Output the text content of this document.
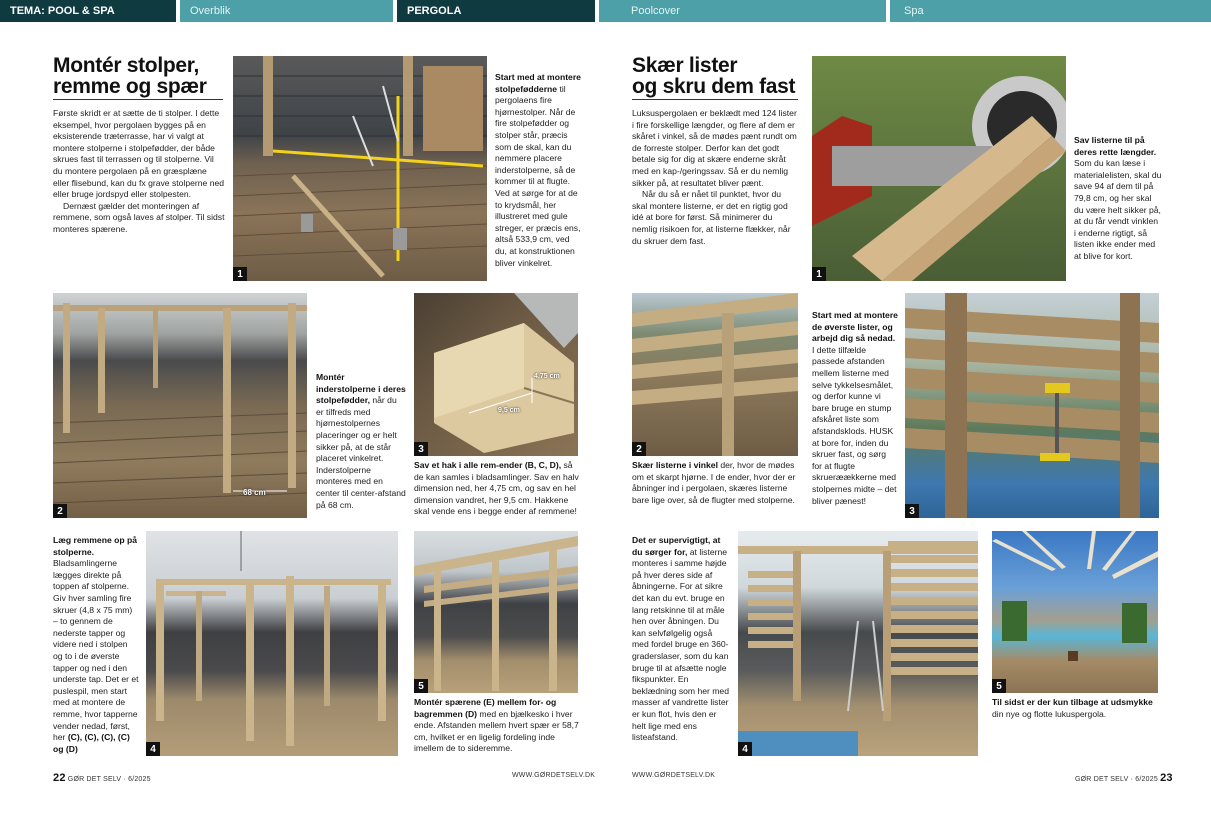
TEMA: POOL & SPA	Overblik	PERGOLA	Poolcover	Spa
Montér stolper,
remme og spær

Første skridt er at sætte de ti stolper. I dette eksempel, hvor pergolaen bygges på en eksisterende træterrasse, har vi valgt at montere stolperne i stolpefødder, der både skrues fast til terrassen og til stolperne. Vil du montere pergolaen på en græsplæne eller flisebund, kan du fx grave stolperne ned eller bruge jordspyd eller stolpesten.

Dernæst gælder det monteringen af remmene, som også laves af stolper. Til sidst monteres spærene.

1
Start med at montere stolpefødderne til pergolaens fire hjørnestolper. Når de fire stolpefødder og stolper står, præcis som de skal, kan du nemmere placere inderstolperne, så de kommer til at flugte. Ved at sørge for at de to krydsmål, her illustreret med gule streger, er præcis ens, altså 533,9 cm, ved du, at konstruktionen bliver vinkelret.
68 cm
2
Montér inderstolperne i deres stolpefødder, når du er tilfreds med hjørnestolpernes placeringer og er helt sikker på, at de står placeret vinkelret. Inderstolperne monteres med en center til center-afstand på 68 cm.
4,75 cm
9,5 cm
3
Sav et hak i alle rem-ender (B, C, D), så de kan samles i bladsamlinger. Sav en halv dimension ned, her 4,75 cm, og sav en hel dimension vandret, her 9,5 cm. Hakkene skal vende ens i begge ender af remmene!
Læg remmene op på stolperne. Bladsamlingerne lægges direkte på toppen af stolperne. Giv hver samling fire skruer (4,8 x 75 mm) – to gennem de nederste tapper og videre ned i stolpen og to i de øverste tapper og ned i den underste tap. Det er et puslespil, men start med at montere de remme, hvor tapperne vender nedad, først, her (C), (C), (C), (C) og (D)	4
5
Montér spærene (E) mellem for- og bagremmen (D) med en bjælkesko i hver ende. Afstanden mellem hvert spær er 58,7 cm, hvilket er en ligelig fordeling inde imellem de to sideremme.
22 GØR DET SELV · 6/2025
WWW.GØRDETSELV.DK
Skær lister
og skru dem fast

Luksuspergolaen er beklædt med 124 lister i fire forskellige længder, og flere af dem er skåret i vinkel, så de mødes pænt rundt om de forreste stolper. Derfor kan det godt betale sig for dig at skære enderne skråt med en kap-/geringssav. Så er du nemlig sikker på, at resultatet bliver pænt.

Når du så er nået til punktet, hvor du skal montere listerne, er det en rigtig god idé at bore for først. Så minimerer du nemlig risikoen for, at listerne flækker, når du skruer dem fast.

1
Sav listerne til på deres rette længder. Som du kan læse i materialelisten, skal du save 94 af dem til på 79,8 cm, og her skal du være helt sikker på, at du får vendt vinklen i enderne rigtigt, så listen ikke ender med at blive for kort.
2
Skær listerne i vinkel der, hvor de mødes om et skarpt hjørne. I de ender, hvor der er åbninger ind i pergolaen, skæres listerne bare lige over, så de flugter med stolperne.
Start med at montere de øverste lister, og arbejd dig så nedad. I dette tilfælde passede afstanden mellem listerne med selve tykkelsesmålet, og derfor kunne vi bare bruge en stump afskåret liste som afstandsklods. HUSK at bore for, inden du skruer fast, og sørg for at flugte skrueræækkerne med stolpernes midte – det bliver pænest!
3
Det er supervigtigt, at du sørger for, at listerne monteres i samme højde på hver deres side af åbningerne. For at sikre det kan du evt. bruge en lang retskinne til at måle hen over åbningen. Du kan selvfølgelig også med fordel bruge en 360-graderslaser, som du kan bruge til at afsætte nogle fikspunkter. En beklædning som her med masser af vandrette lister er kun flot, hvis den er helt lige med ens listeafstand.
4
5
Til sidst er der kun tilbage at udsmykke din nye og flotte lukuspergola.
WWW.GØRDETSELV.DK
GØR DET SELV · 6/2025 23
